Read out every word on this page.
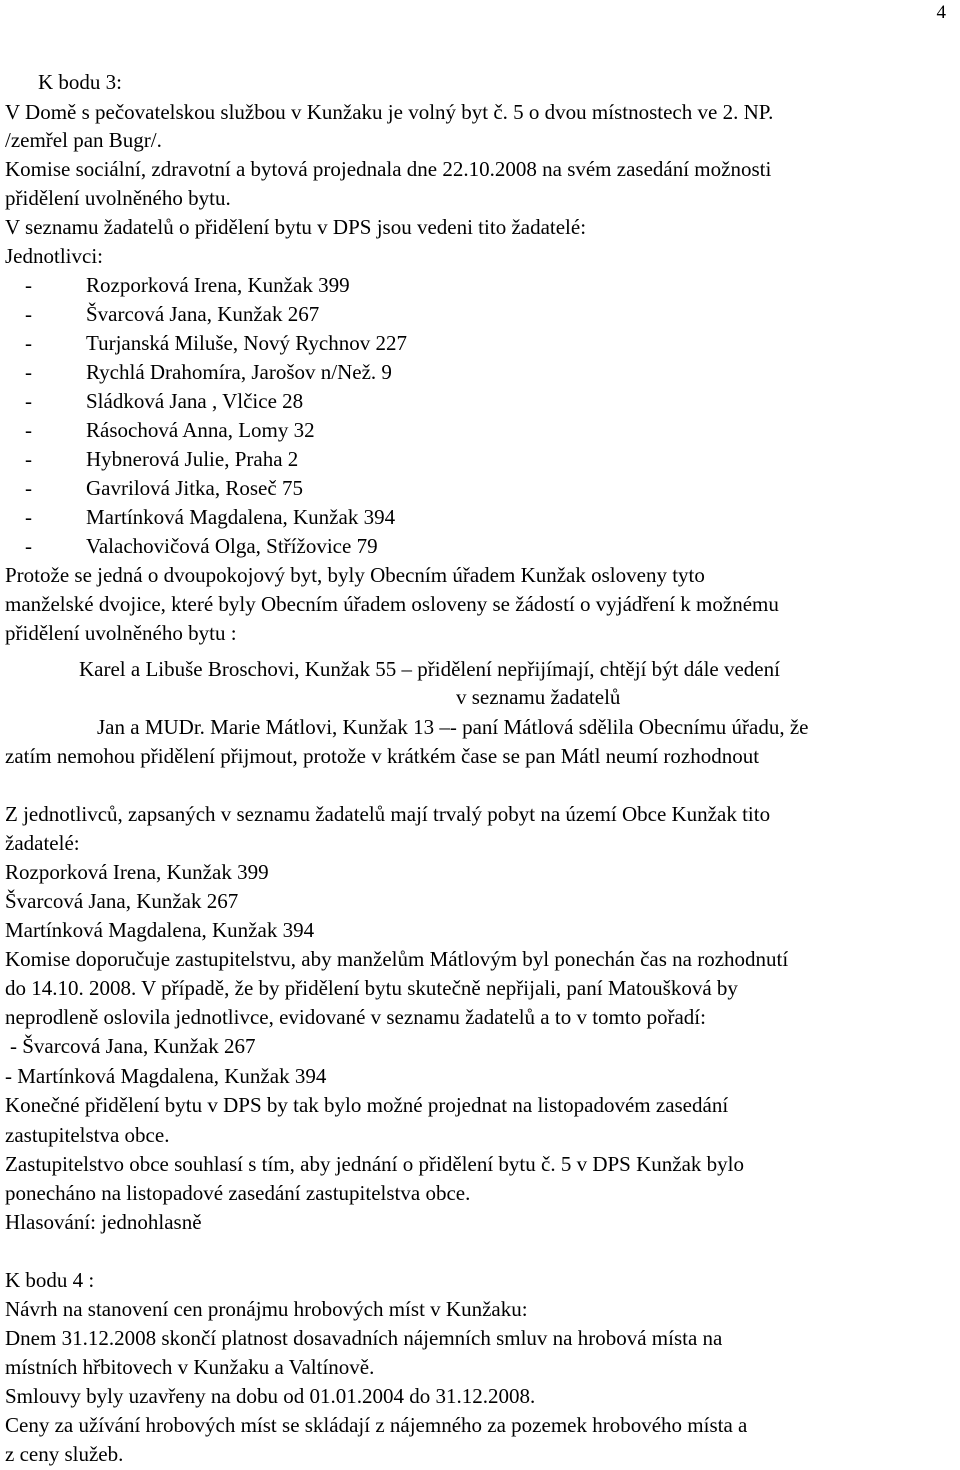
4
K bodu 3:
V Domě s pečovatelskou službou v Kunžaku je volný byt č. 5 o dvou místnostech ve 2. NP.
/zemřel pan Bugr/.
Komise sociální, zdravotní a bytová projednala dne 22.10.2008 na svém zasedání možnosti
přidělení uvolněného bytu.
V seznamu žadatelů o přidělení bytu v DPS jsou vedeni tito žadatelé:
Jednotlivci:
-	Rozporková Irena, Kunžak 399
-	Švarcová Jana, Kunžak 267
-	Turjanská Miluše, Nový Rychnov 227
-	Rychlá Drahomíra, Jarošov n/Než. 9
-	Sládková Jana , Vlčice 28
-	Rásochová Anna, Lomy 32
-	Hybnerová Julie, Praha 2
-	Gavrilová Jitka, Roseč 75
-	Martínková Magdalena, Kunžak 394
-	Valachovičová Olga, Střížovice 79
Protože se jedná o dvoupokojový byt, byly Obecním úřadem Kunžak osloveny tyto
manželské dvojice, které byly Obecním úřadem osloveny se žádostí o vyjádření k možnému
přidělení uvolněného bytu :
Karel a Libuše Broschovi, Kunžak 55 – přidělení nepřijímají, chtějí být dále vedení
v seznamu žadatelů
Jan a MUDr. Marie Mátlovi, Kunžak 13 –- paní Mátlová sdělila Obecnímu úřadu, že
zatím nemohou přidělení přijmout, protože v krátkém čase se pan Mátl neumí rozhodnout
Z jednotlivců, zapsaných v seznamu žadatelů mají trvalý pobyt na území Obce Kunžak tito
žadatelé:
Rozporková Irena, Kunžak 399
Švarcová Jana, Kunžak 267
Martínková Magdalena, Kunžak 394
Komise doporučuje zastupitelstvu, aby manželům Mátlovým byl ponechán čas na rozhodnutí
do 14.10. 2008. V případě, že by přidělení bytu skutečně nepřijali, paní Matoušková by
neprodleně oslovila jednotlivce, evidované v seznamu žadatelů a to v tomto pořadí:
- Švarcová Jana, Kunžak 267
- Martínková Magdalena, Kunžak 394
Konečné přidělení bytu v DPS by tak bylo možné projednat na listopadovém zasedání
zastupitelstva obce.
Zastupitelstvo obce souhlasí s tím, aby jednání o přidělení bytu č. 5 v DPS Kunžak bylo
ponecháno na listopadové zasedání zastupitelstva obce.
Hlasování: jednohlasně
K bodu 4 :
Návrh na stanovení cen pronájmu hrobových míst v Kunžaku:
Dnem 31.12.2008 skončí platnost dosavadních nájemních smluv na hrobová místa na
místních hřbitovech v Kunžaku a Valtínově.
Smlouvy byly uzavřeny na dobu od 01.01.2004 do 31.12.2008.
Ceny za užívání hrobových míst se skládají z nájemného za pozemek hrobového místa a
z ceny služeb.
